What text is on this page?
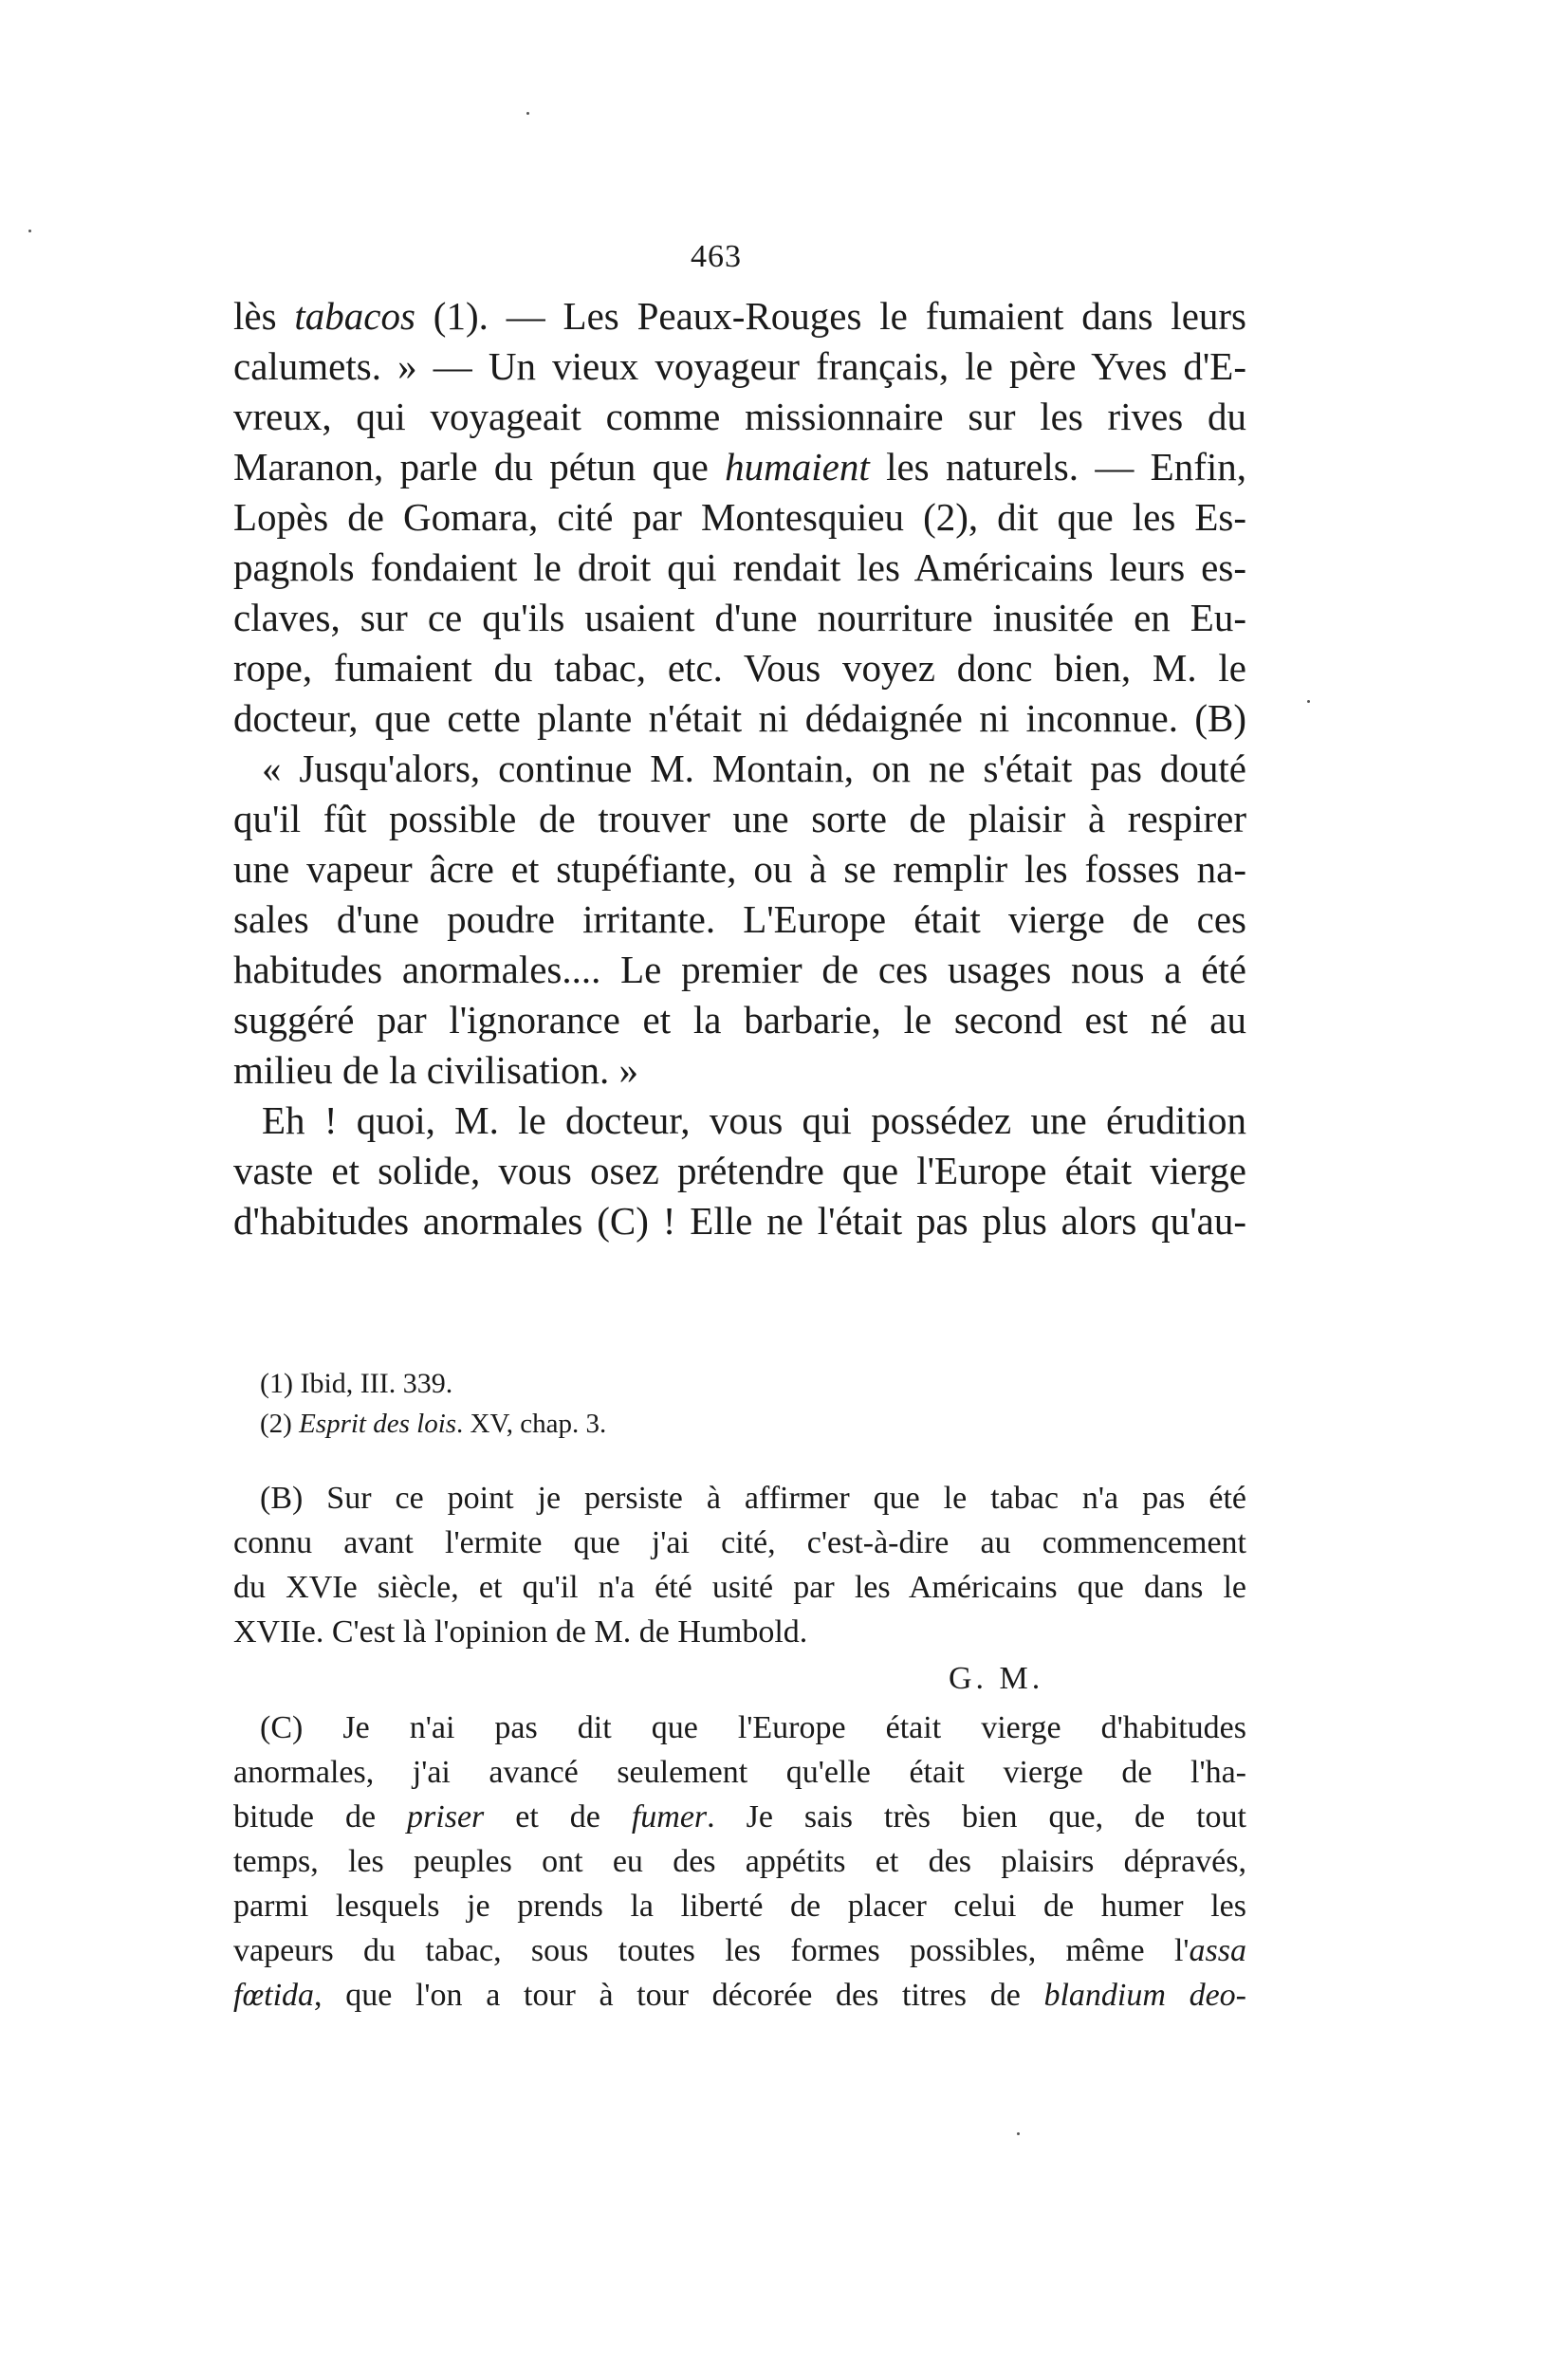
463
lès tabacos (1). — Les Peaux-Rouges le fumaient dans leurs
calumets. » — Un vieux voyageur français, le père Yves d'E-
vreux, qui voyageait comme missionnaire sur les rives du
Maranon, parle du pétun que humaient les naturels. — Enfin,
Lopès de Gomara, cité par Montesquieu (2), dit que les Es-
pagnols fondaient le droit qui rendait les Américains leurs es-
claves, sur ce qu'ils usaient d'une nourriture inusitée en Eu-
rope, fumaient du tabac, etc. Vous voyez donc bien, M. le
docteur, que cette plante n'était ni dédaignée ni inconnue. (B)
« Jusqu'alors, continue M. Montain, on ne s'était pas douté
qu'il fût possible de trouver une sorte de plaisir à respirer
une vapeur âcre et stupéfiante, ou à se remplir les fosses na-
sales d'une poudre irritante. L'Europe était vierge de ces
habitudes anormales.... Le premier de ces usages nous a été
suggéré par l'ignorance et la barbarie, le second est né au
milieu de la civilisation. »
Eh ! quoi, M. le docteur, vous qui possédez une érudition
vaste et solide, vous osez prétendre que l'Europe était vierge
d'habitudes anormales (C) ! Elle ne l'était pas plus alors qu'au-
(1) Ibid, III. 339.
(2) Esprit des lois. XV, chap. 3.
(B) Sur ce point je persiste à affirmer que le tabac n'a pas été
connu avant l'ermite que j'ai cité, c'est-à-dire au commencement
du XVIe siècle, et qu'il n'a été usité par les Américains que dans le
XVIIe. C'est là l'opinion de M. de Humbold.
G. M.
(C) Je n'ai pas dit que l'Europe était vierge d'habitudes
anormales, j'ai avancé seulement qu'elle était vierge de l'ha-
bitude de priser et de fumer. Je sais très bien que, de tout
temps, les peuples ont eu des appétits et des plaisirs dépravés,
parmi lesquels je prends la liberté de placer celui de humer les
vapeurs du tabac, sous toutes les formes possibles, même l'assa
fœtida, que l'on a tour à tour décorée des titres de blandium deo-
